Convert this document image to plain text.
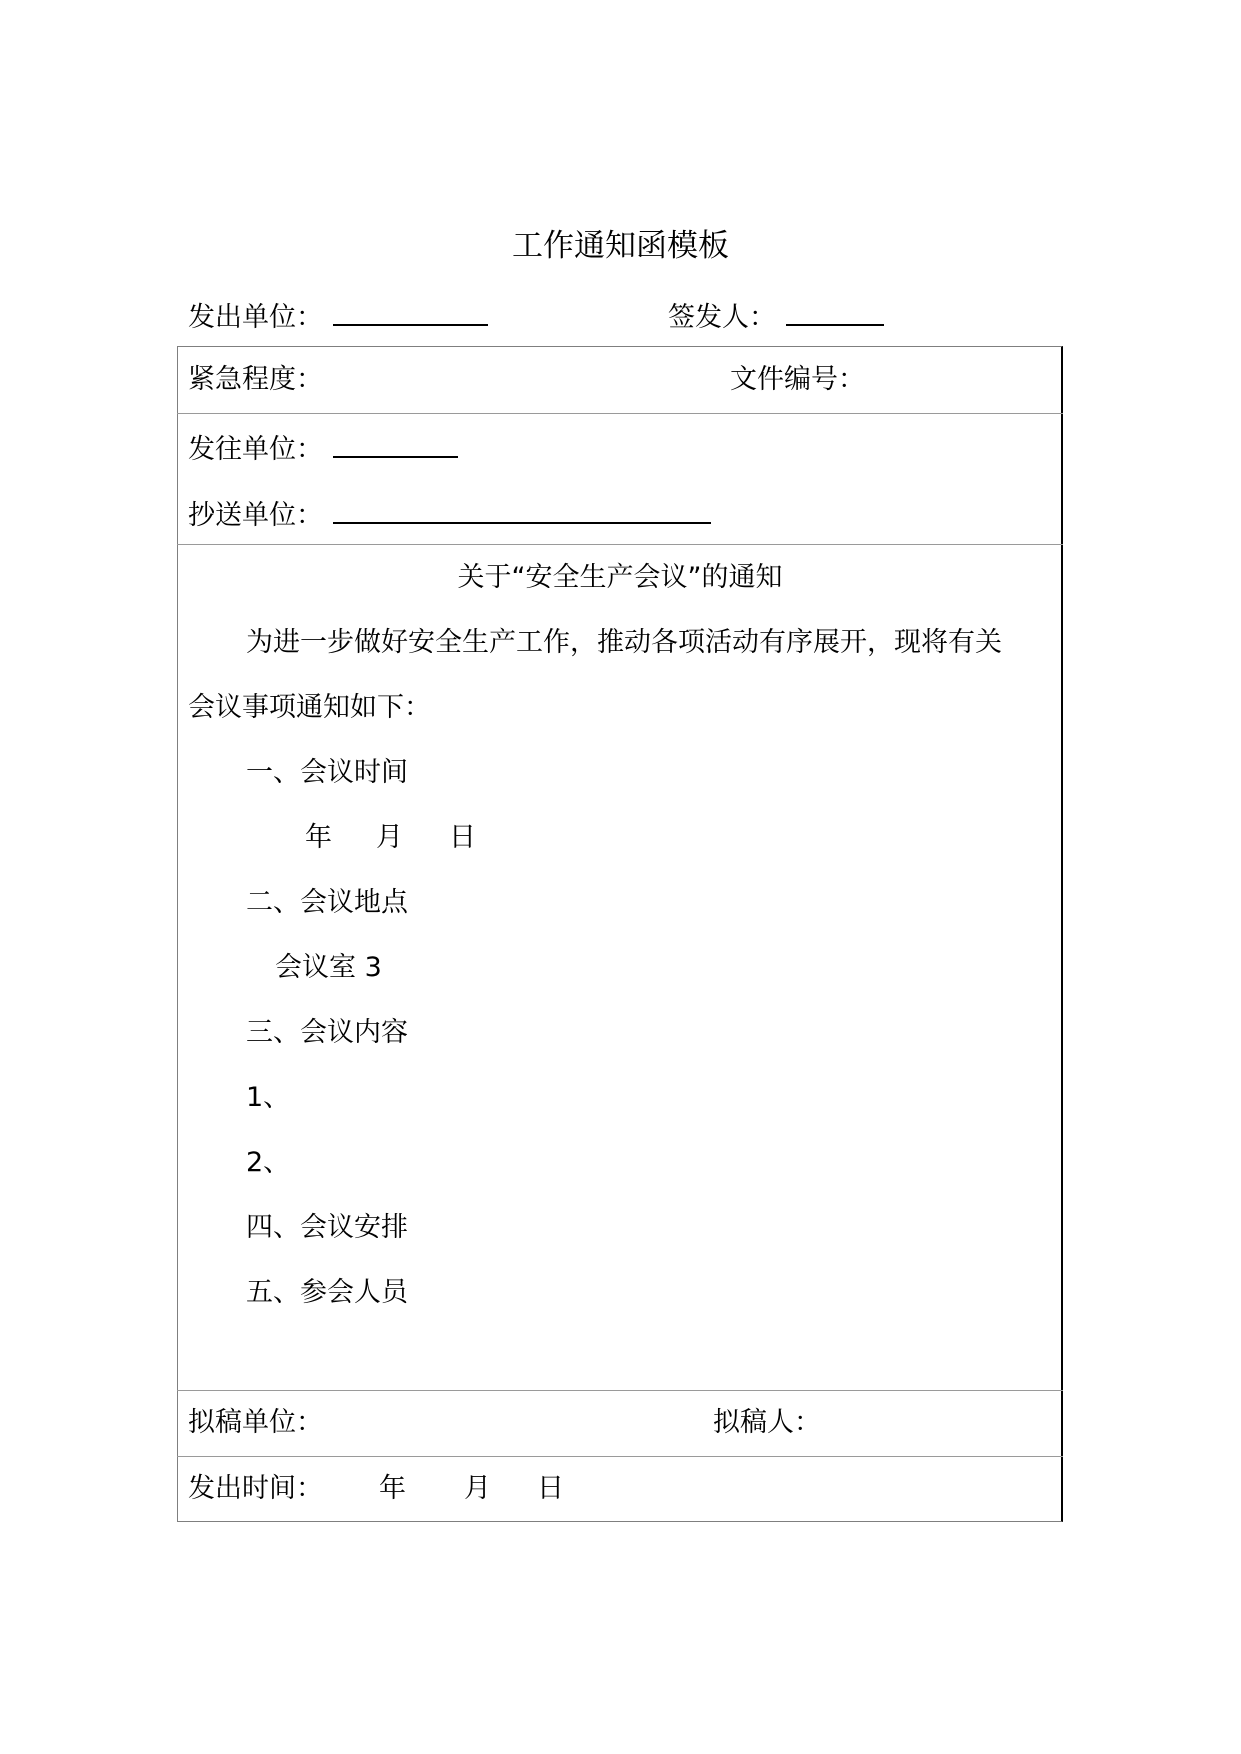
工作通知函模板
发出单位：	签发人：
紧急程度：	文件编号：
发往单位：
抄送单位：
关于“安全生产会议”的通知
为进一步做好安全生产工作，推动各项活动有序展开，现将有关
会议事项通知如下：
一、会议时间
年 月 日
二、会议地点
会议室 3
三、会议内容
1、
2、
四、会议安排
五、参会人员
拟稿单位：	拟稿人：
发出时间： 年 月 日
